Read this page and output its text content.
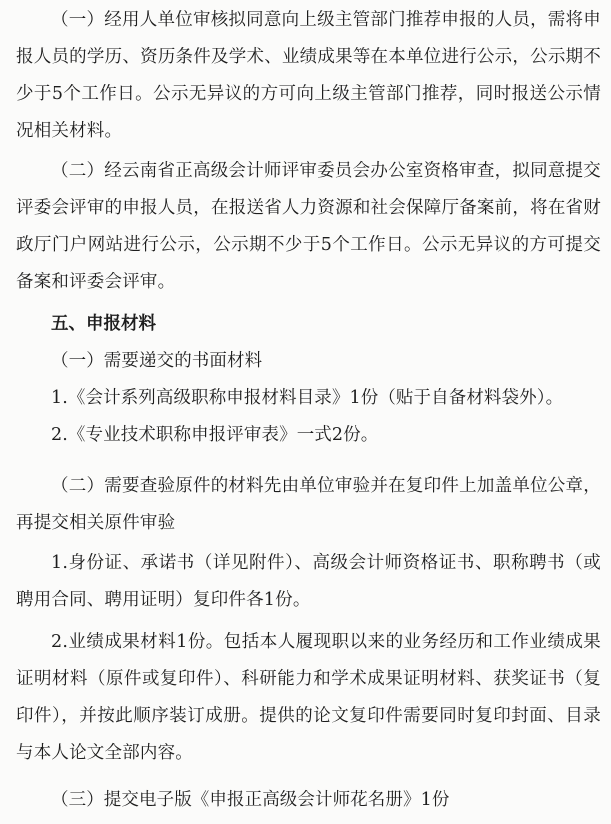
（一）经用人单位审核拟同意向上级主管部门推荐申报的人员，需将申报人员的学历、资历条件及学术、业绩成果等在本单位进行公示，公示期不少于5个工作日。公示无异议的方可向上级主管部门推荐，同时报送公示情况相关材料。

（二）经云南省正高级会计师评审委员会办公室资格审查，拟同意提交评委会评审的申报人员，在报送省人力资源和社会保障厅备案前，将在省财政厅门户网站进行公示，公示期不少于5个工作日。公示无异议的方可提交备案和评委会评审。

五、申报材料

（一）需要递交的书面材料

1.《会计系列高级职称申报材料目录》1份（贴于自备材料袋外）。

2.《专业技术职称申报评审表》一式2份。

（二）需要查验原件的材料先由单位审验并在复印件上加盖单位公章，再提交相关原件审验

1.身份证、承诺书（详见附件）、高级会计师资格证书、职称聘书（或聘用合同、聘用证明）复印件各1份。

2.业绩成果材料1份。包括本人履现职以来的业务经历和工作业绩成果证明材料（原件或复印件）、科研能力和学术成果证明材料、获奖证书（复印件），并按此顺序装订成册。提供的论文复印件需要同时复印封面、目录与本人论文全部内容。

（三）提交电子版《申报正高级会计师花名册》1份
